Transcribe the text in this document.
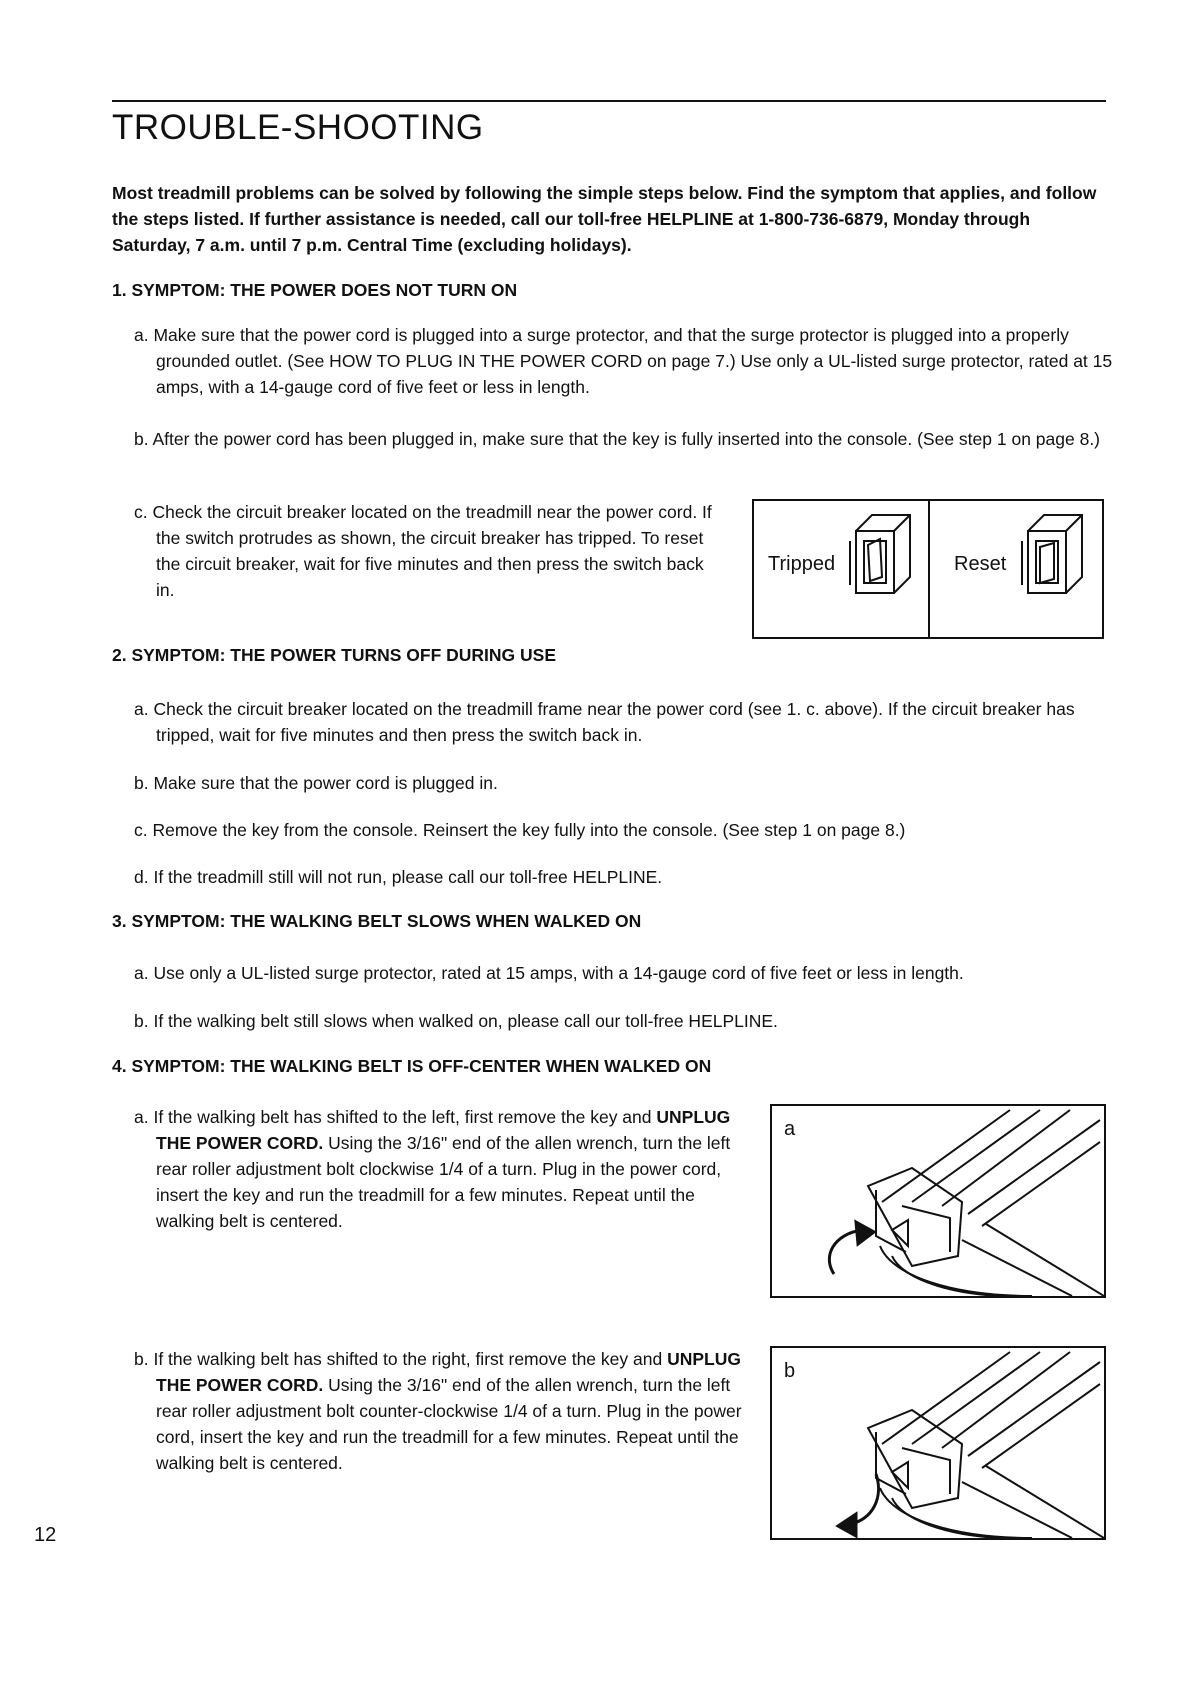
TROUBLE-SHOOTING
Most treadmill problems can be solved by following the simple steps below. Find the symptom that applies, and follow the steps listed. If further assistance is needed, call our toll-free HELPLINE at 1-800-736-6879, Monday through Saturday, 7 a.m. until 7 p.m. Central Time (excluding holidays).
1. SYMPTOM: THE POWER DOES NOT TURN ON
a. Make sure that the power cord is plugged into a surge protector, and that the surge protector is plugged into a properly grounded outlet. (See HOW TO PLUG IN THE POWER CORD on page 7.) Use only a UL-listed surge protector, rated at 15 amps, with a 14-gauge cord of five feet or less in length.
b. After the power cord has been plugged in, make sure that the key is fully inserted into the console. (See step 1 on page 8.)
c. Check the circuit breaker located on the treadmill near the power cord. If the switch protrudes as shown, the circuit breaker has tripped. To reset the circuit breaker, wait for five minutes and then press the switch back in.
Tripped	Reset
2. SYMPTOM: THE POWER TURNS OFF DURING USE
a. Check the circuit breaker located on the treadmill frame near the power cord (see 1. c. above). If the circuit breaker has tripped, wait for five minutes and then press the switch back in.
b. Make sure that the power cord is plugged in.
c. Remove the key from the console. Reinsert the key fully into the console. (See step 1 on page 8.)
d. If the treadmill still will not run, please call our toll-free HELPLINE.
3. SYMPTOM: THE WALKING BELT SLOWS WHEN WALKED ON
a. Use only a UL-listed surge protector, rated at 15 amps, with a 14-gauge cord of five feet or less in length.
b. If the walking belt still slows when walked on, please call our toll-free HELPLINE.
4. SYMPTOM: THE WALKING BELT IS OFF-CENTER WHEN WALKED ON
a. If the walking belt has shifted to the left, first remove the key and UNPLUG THE POWER CORD. Using the 3/16" end of the allen wrench, turn the left rear roller adjustment bolt clockwise 1/4 of a turn. Plug in the power cord, insert the key and run the treadmill for a few minutes. Repeat until the walking belt is centered.
b. If the walking belt has shifted to the right, first remove the key and UNPLUG THE POWER CORD. Using the 3/16" end of the allen wrench, turn the left rear roller adjustment bolt counter-clockwise 1/4 of a turn. Plug in the power cord, insert the key and run the treadmill for a few minutes. Repeat until the walking belt is centered.
a
b
12
